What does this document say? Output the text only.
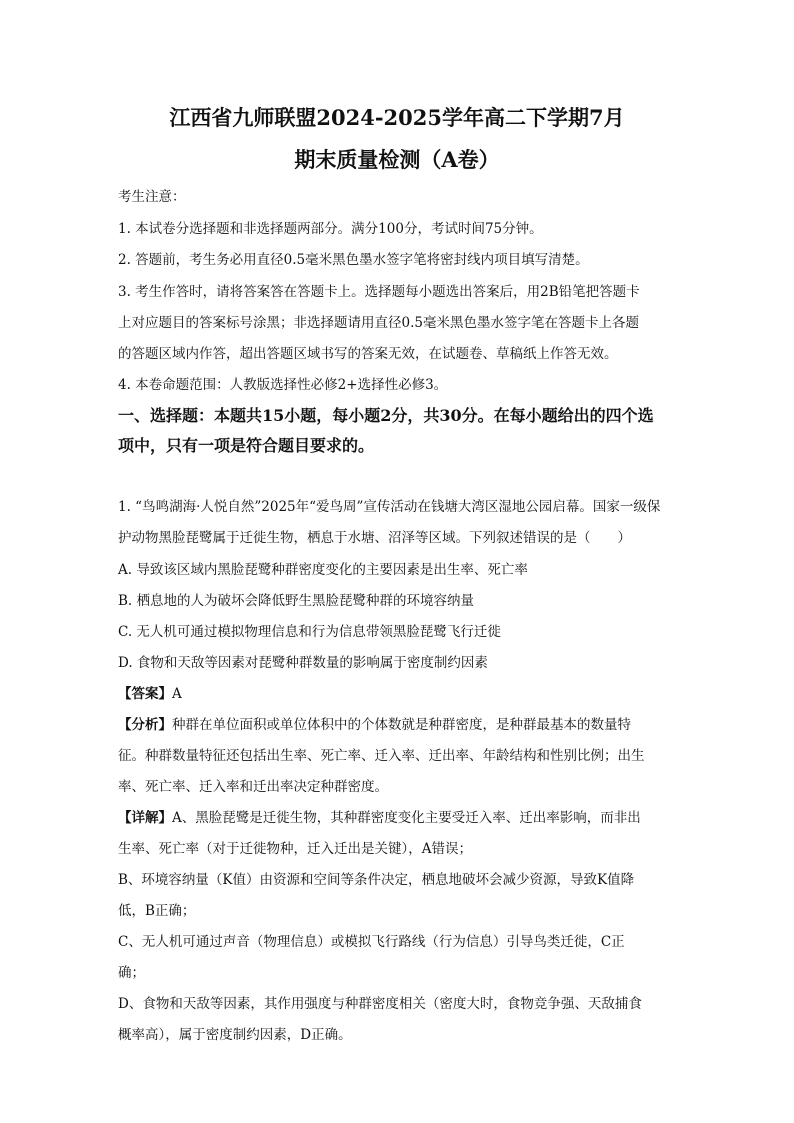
江西省九师联盟2024-2025学年高二下学期7月
期末质量检测（A卷）
考生注意：
1. 本试卷分选择题和非选择题两部分。满分100分，考试时间75分钟。
2. 答题前，考生务必用直径0.5毫米黑色墨水签字笔将密封线内项目填写清楚。
3. 考生作答时，请将答案答在答题卡上。选择题每小题选出答案后，用2B铅笔把答题卡
上对应题目的答案标号涂黑；非选择题请用直径0.5毫米黑色墨水签字笔在答题卡上各题
的答题区域内作答，超出答题区域书写的答案无效，在试题卷、草稿纸上作答无效。
4. 本卷命题范围：人教版选择性必修2+选择性必修3。
一、选择题：本题共15小题，每小题2分，共30分。在每小题给出的四个选
项中，只有一项是符合题目要求的。
1. “鸟鸣湖海·人悦自然”2025年“爱鸟周”宣传活动在钱塘大湾区湿地公园启幕。国家一级保
护动物黑脸琵鹭属于迁徙生物，栖息于水塘、沼泽等区域。下列叙述错误的是（　　）
A. 导致该区域内黑脸琵鹭种群密度变化的主要因素是出生率、死亡率
B. 栖息地的人为破坏会降低野生黑脸琵鹭种群的环境容纳量
C. 无人机可通过模拟物理信息和行为信息带领黑脸琵鹭飞行迁徙
D. 食物和天敌等因素对琵鹭种群数量的影响属于密度制约因素
【答案】A
【分析】种群在单位面积或单位体积中的个体数就是种群密度，是种群最基本的数量特
征。种群数量特征还包括出生率、死亡率、迁入率、迁出率、年龄结构和性别比例；出生
率、死亡率、迁入率和迁出率决定种群密度。
【详解】A、黑脸琵鹭是迁徙生物，其种群密度变化主要受迁入率、迁出率影响，而非出
生率、死亡率（对于迁徙物种，迁入迁出是关键），A错误；
B、环境容纳量（K值）由资源和空间等条件决定，栖息地破坏会减少资源，导致K值降
低，B正确；
C、无人机可通过声音（物理信息）或模拟飞行路线（行为信息）引导鸟类迁徙，C正
确；
D、食物和天敌等因素，其作用强度与种群密度相关（密度大时，食物竞争强、天敌捕食
概率高），属于密度制约因素，D正确。
